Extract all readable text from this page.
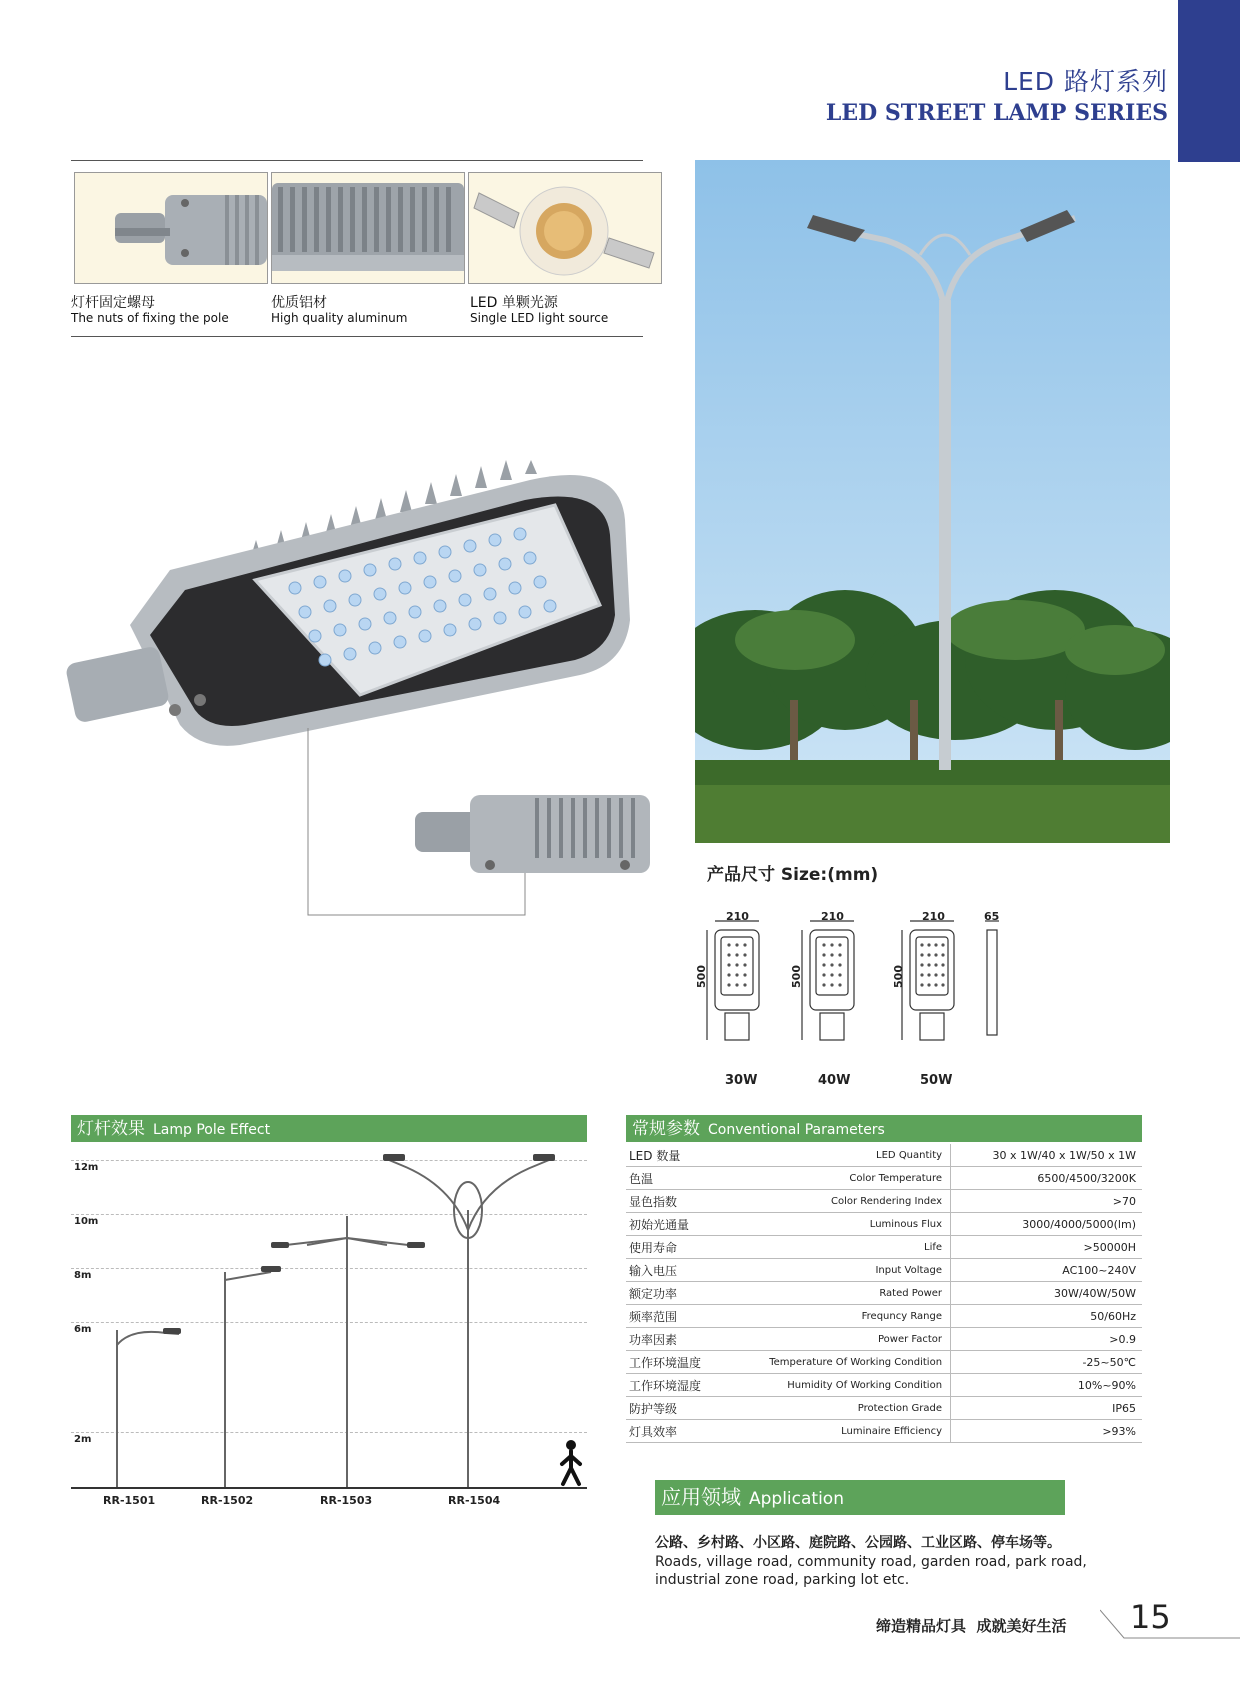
LED 路灯系列
LED STREET LAMP SERIES
灯杆固定螺母
The nuts of fixing the pole
优质铝材
High quality aluminum
LED 单颗光源
Single LED light source
产品尺寸 Size:(mm)
210	210	210	65
500	500	500
30W	40W	50W
灯杆效果 Lamp Pole Effect
12m
10m
8m
6m
2m
RR-1501	RR-1502	RR-1503	RR-1504
常规参数 Conventional Parameters
LED 数量	LED Quantity	30 x 1W/40 x 1W/50 x 1W
色温	Color Temperature	6500/4500/3200K
显色指数	Color Rendering Index	>70
初始光通量	Luminous Flux	3000/4000/5000(lm)
使用寿命	Life	>50000H
输入电压	Input Voltage	AC100~240V
额定功率	Rated Power	30W/40W/50W
频率范围	Frequncy Range	50/60Hz
功率因素	Power Factor	>0.9
工作环境温度	Temperature Of Working Condition	-25~50℃
工作环境湿度	Humidity Of Working Condition	10%~90%
防护等级	Protection Grade	IP65
灯具效率	Luminaire Efficiency	>93%
应用领域 Application
公路、乡村路、小区路、庭院路、公园路、工业区路、停车场等。
Roads, village road, community road, garden road, park road,
industrial zone road, parking lot etc.
缔造精品灯具  成就美好生活 15
